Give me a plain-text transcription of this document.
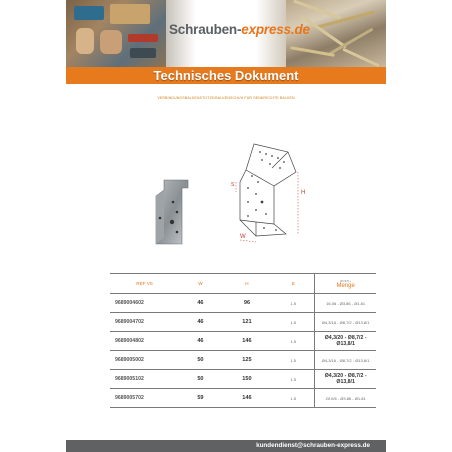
Schrauben-express.de
Technisches Dokument
VERBINDUNGSBALKENSTÜTZE/BALKENSCHUH FÜR SENKRECHTE BALKEN
H
W
S
REF VS	W	H	E	Ø (ST)+
Menge

9689004602	46	96	1.5	16.06 - Ø3.86 - Ø1.81
9689004702	46	121	1.5	Ø4,3/16 - Ø8,7/2 - Ø13,8/1
9689004802	46	146	1.5	Ø4,3/20 - Ø8,7/2 - Ø13,8/1
9689005002	50	125	1.5	Ø4,3/16 - Ø8,7/2 - Ø13,8/1
9689005102	50	150	1.5	Ø4,3/20 - Ø8,7/2 - Ø13,8/1
9689005702	59	146	1.5	20.0/6 - Ø3.86 - Ø1.81
kundendienst@schrauben-express.de
